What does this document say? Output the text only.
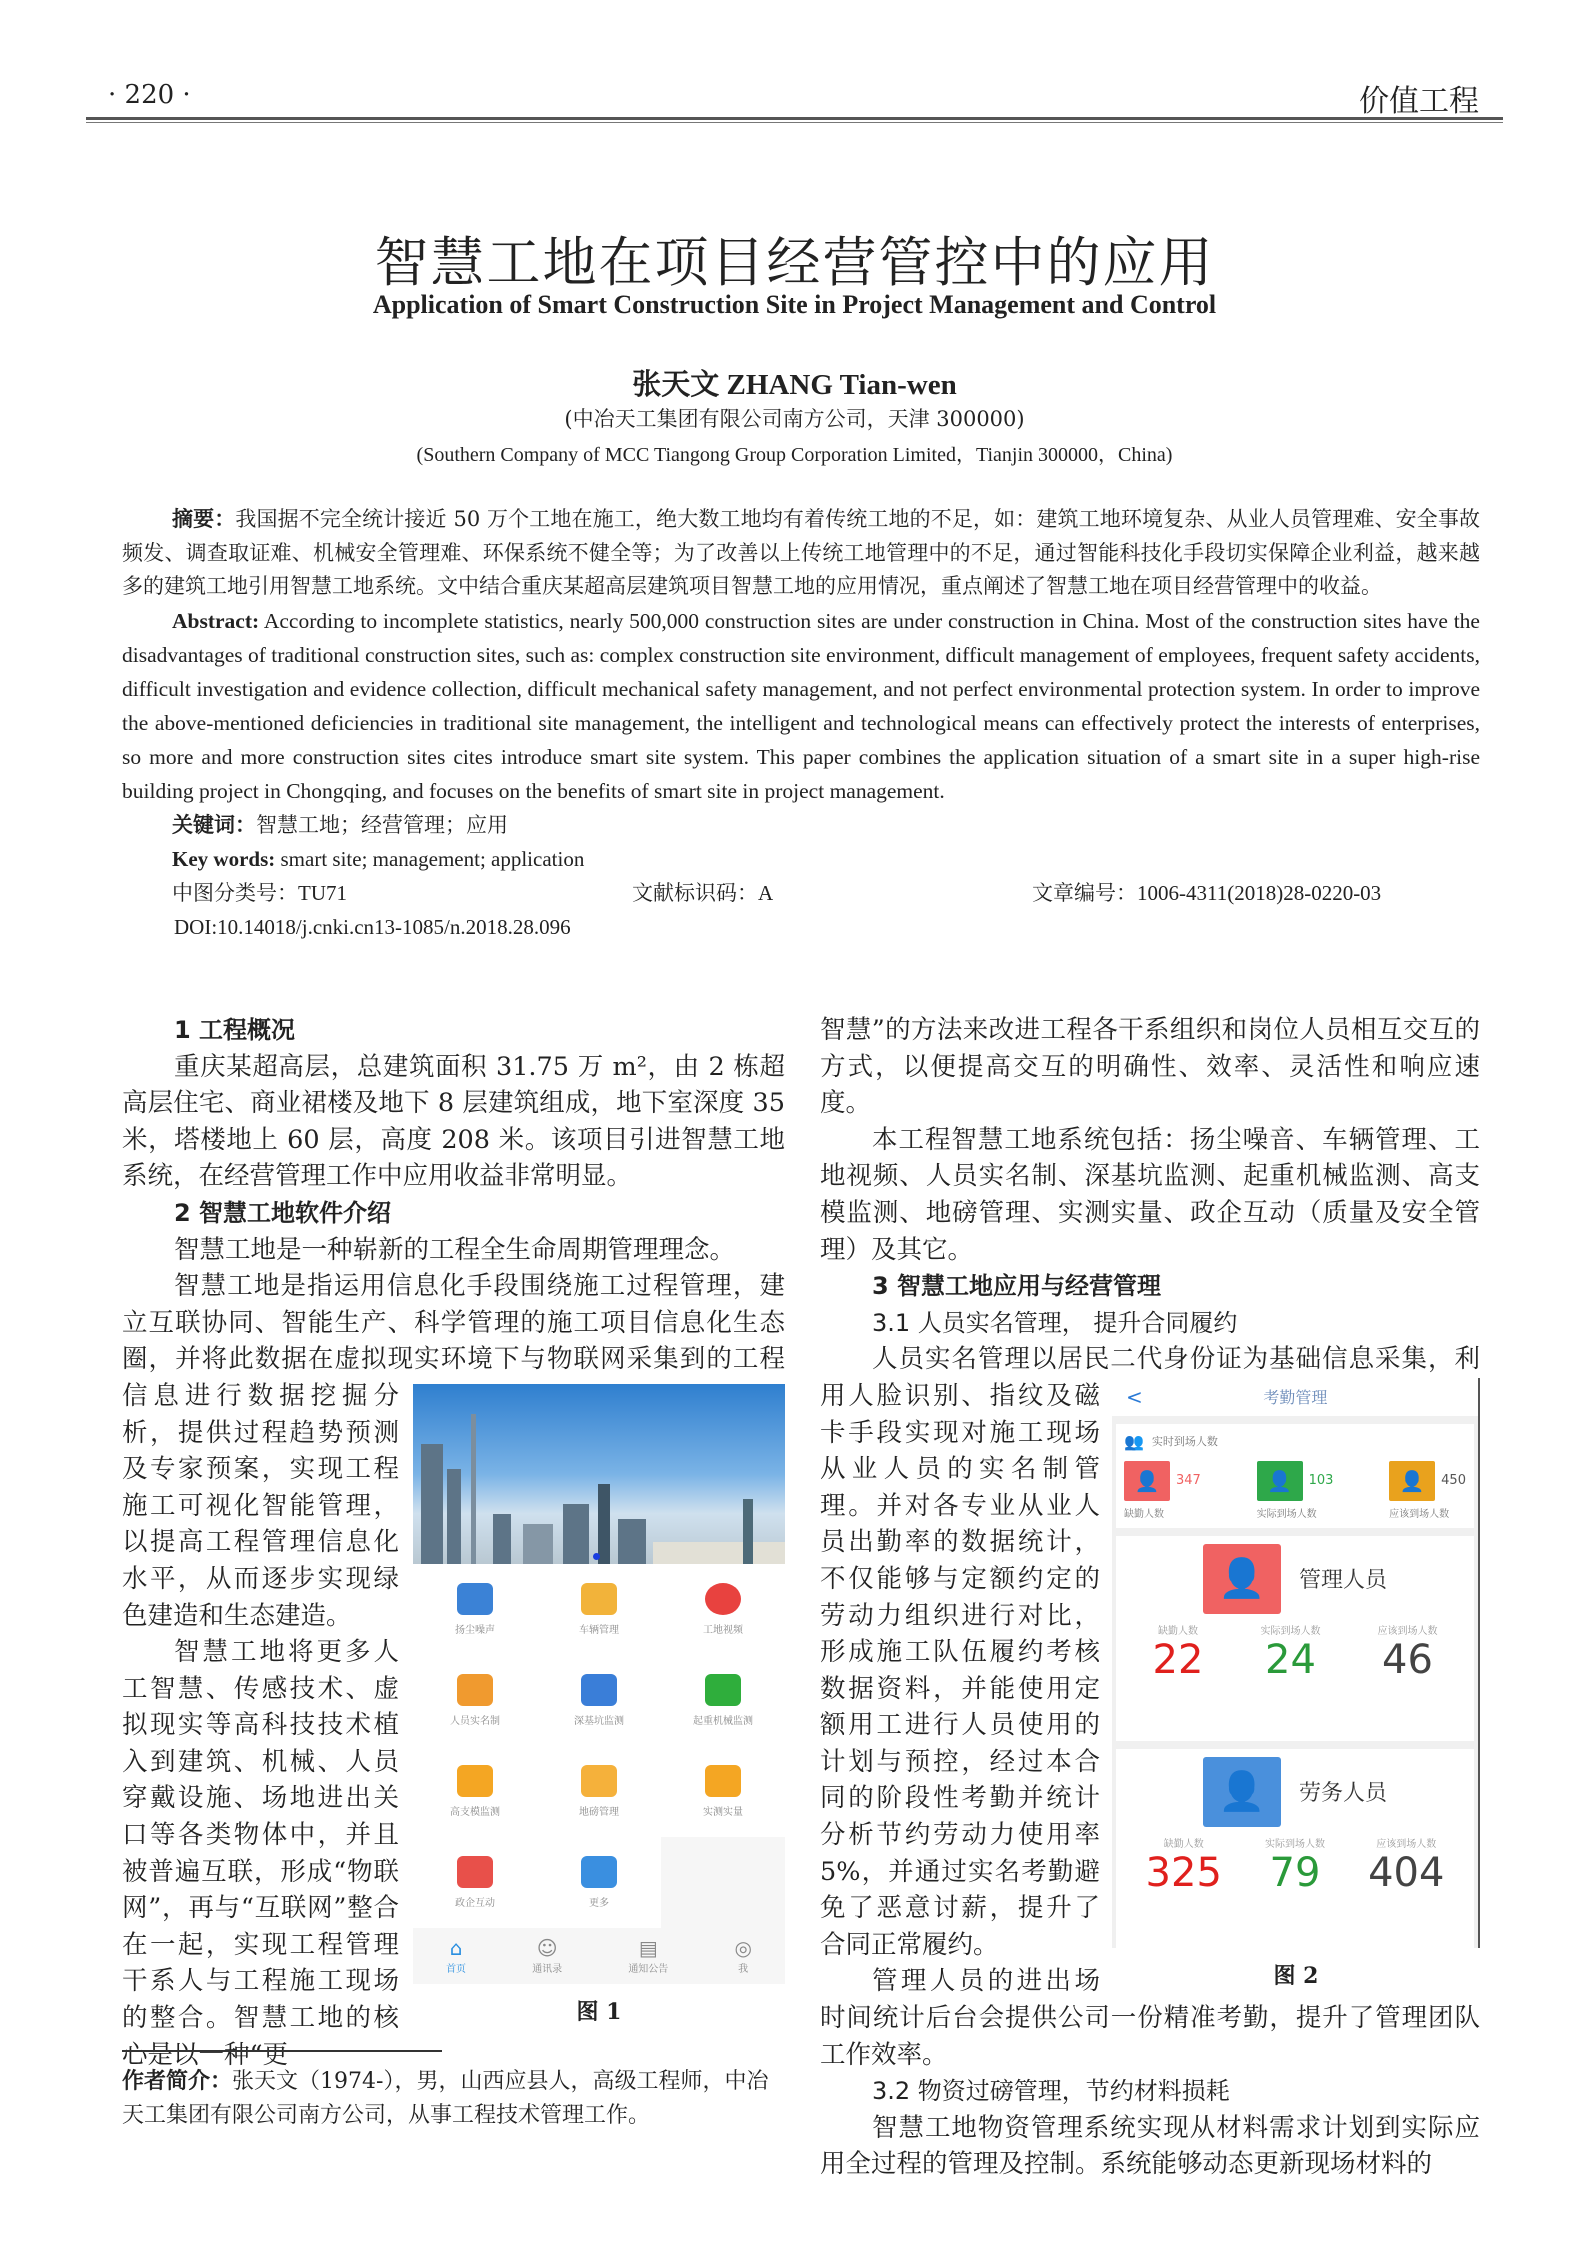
· 220 ·	价值工程
智慧工地在项目经营管控中的应用
Application of Smart Construction Site in Project Management and Control
张天文 ZHANG Tian-wen
(中冶天工集团有限公司南方公司，天津 300000)
(Southern Company of MCC Tiangong Group Corporation Limited，Tianjin 300000，China)

摘要：我国据不完全统计接近 50 万个工地在施工，绝大数工地均有着传统工地的不足，如：建筑工地环境复杂、从业人员管理难、安全事故频发、调查取证难、机械安全管理难、环保系统不健全等；为了改善以上传统工地管理中的不足，通过智能科技化手段切实保障企业利益，越来越多的建筑工地引用智慧工地系统。文中结合重庆某超高层建筑项目智慧工地的应用情况，重点阐述了智慧工地在项目经营管理中的收益。

Abstract: According to incomplete statistics, nearly 500,000 construction sites are under construction in China. Most of the construction sites have the disadvantages of traditional construction sites, such as: complex construction site environment, difficult management of employees, frequent safety accidents, difficult investigation and evidence collection, difficult mechanical safety management, and not perfect environmental protection system. In order to improve the above-mentioned deficiencies in traditional site management, the intelligent and technological means can effectively protect the interests of enterprises, so more and more construction sites cites introduce smart site system. This paper combines the application situation of a smart site in a super high-rise building project in Chongqing, and focuses on the benefits of smart site in project management.

关键词：智慧工地；经营管理；应用
Key words: smart site; management; application
中图分类号：TU71	文献标识码：A	文章编号：1006-4311(2018)28-0220-03
DOI:10.14018/j.cnki.cn13-1085/n.2018.28.096
1 工程概况

重庆某超高层，总建筑面积 31.75 万 m²，由 2 栋超高层住宅、商业裙楼及地下 8 层建筑组成，地下室深度 35 米，塔楼地上 60 层，高度 208 米。该项目引进智慧工地系统，在经营管理工作中应用收益非常明显。

2 智慧工地软件介绍

智慧工地是一种崭新的工程全生命周期管理理念。

智慧工地是指运用信息化手段围绕施工过程管理，建立互联协同、智能生产、科学管理的施工项目信息化生态圈，并将此数据在虚拟现实环境下与物联网采集到的工程
扬尘噪声	车辆管理	工地视频
人员实名制	深基坑监测	起重机械监测
高支模监测	地磅管理	实测实量
政企互动	更多
⌂
首页
☺
通讯录
▤
通知公告
◎
我
图 1
信息进行数据挖掘分析，提供过程趋势预测及专家预案，实现工程施工可视化智能管理，以提高工程管理信息化水平，从而逐步实现绿色建造和生态建造。

智慧工地将更多人工智慧、传感技术、虚拟现实等高科技技术植入到建筑、机械、人员穿戴设施、场地进出关口等各类物体中，并且被普遍互联，形成“物联网”，再与“互联网”整合在一起，实现工程管理干系人与工程施工现场的整合。智慧工地的核心是以一种“更

智慧”的方法来改进工程各干系组织和岗位人员相互交互的方式，以便提高交互的明确性、效率、灵活性和响应速度。

本工程智慧工地系统包括：扬尘噪音、车辆管理、工地视频、人员实名制、深基坑监测、起重机械监测、高支模监测、地磅管理、实测实量、政企互动（质量及安全管理）及其它。

3 智慧工地应用与经营管理
3.1 人员实名管理， 提升合同履约

人员实名管理以居民二代身份证为基础信息采集，利
<	考勤管理
👥 实时到场人数
👤	347
缺勤人数
👤	103
实际到场人数
👤	450
应该到场人数
👤	管理人员
缺勤人数
22
实际到场人数
24
应该到场人数
46
👤	劳务人员
缺勤人数
325
实际到场人数
79
应该到场人数
404
图 2
用人脸识别、指纹及磁卡手段实现对施工现场从业人员的实名制管理。并对各专业从业人员出勤率的数据统计，不仅能够与定额约定的劳动力组织进行对比，形成施工队伍履约考核数据资料，并能使用定额用工进行人员使用的计划与预控，经过本合同的阶段性考勤并统计分析节约劳动力使用率 5%，并通过实名考勤避免了恶意讨薪，提升了合同正常履约。

管理人员的进出场时间统计后台会提供公司一份精准考勤，提升了管理团队工作效率。

3.2 物资过磅管理，节约材料损耗

智慧工地物资管理系统实现从材料需求计划到实际应用全过程的管理及控制。系统能够动态更新现场材料的

作者简介：张天文（1974-），男，山西应县人，高级工程师，中冶天工集团有限公司南方公司，从事工程技术管理工作。
